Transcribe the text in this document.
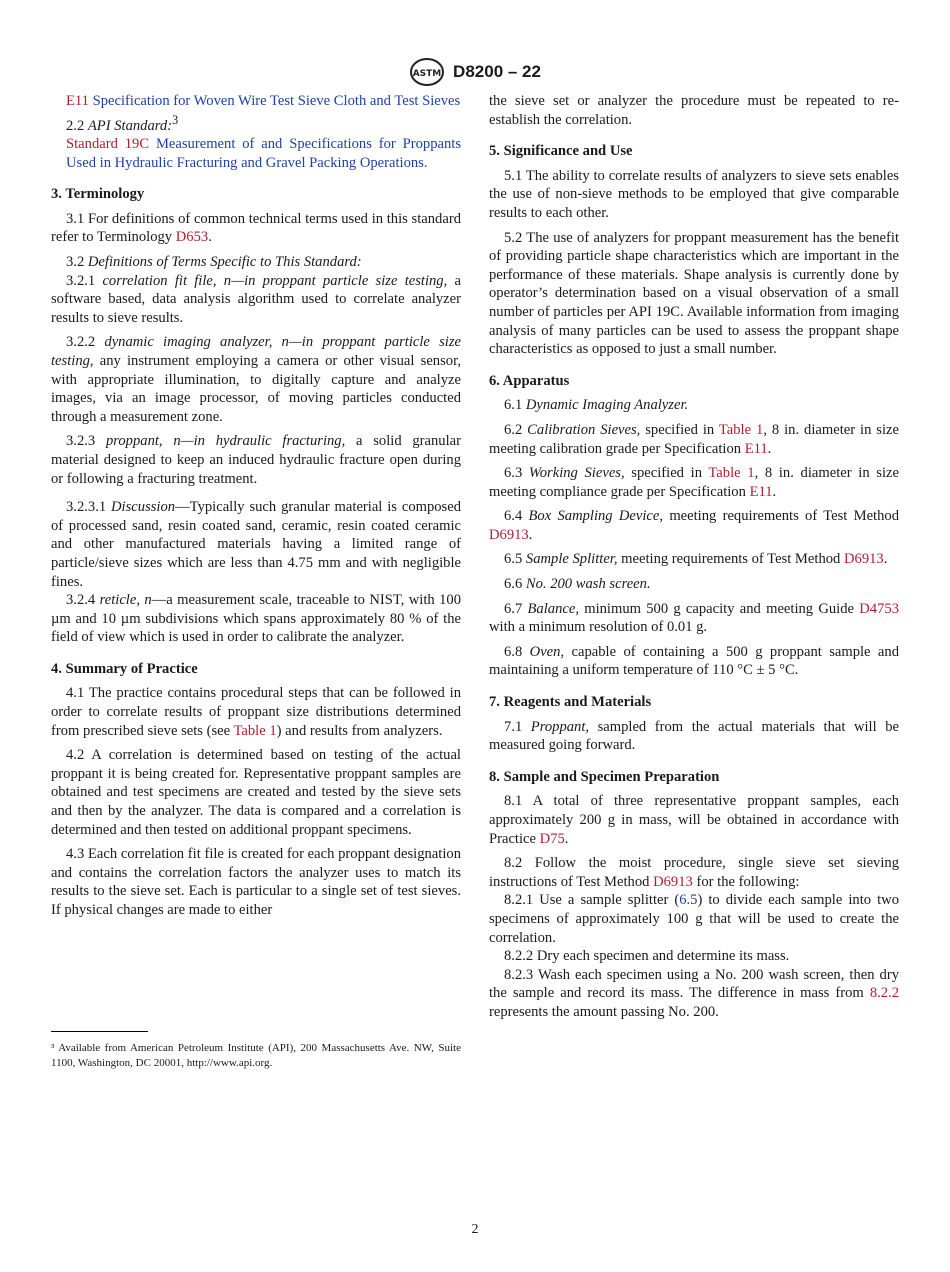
ASTM D8200 – 22

E11 Specification for Woven Wire Test Sieve Cloth and Test Sieves

2.2 API Standard:$^3$

Standard 19C Measurement of and Specifications for Proppants Used in Hydraulic Fracturing and Gravel Packing Operations.

3. Terminology

3.1 For definitions of common technical terms used in this standard refer to Terminology D653.

3.2 Definitions of Terms Specific to This Standard:

3.2.1 correlation fit file, n—in proppant particle size testing, a software based, data analysis algorithm used to correlate analyzer results to sieve results.

3.2.2 dynamic imaging analyzer, n—in proppant particle size testing, any instrument employing a camera or other visual sensor, with appropriate illumination, to digitally capture and analyze images, via an image processor, of moving particles conducted through a measurement zone.

3.2.3 proppant, n—in hydraulic fracturing, a solid granular material designed to keep an induced hydraulic fracture open during or following a fracturing treatment.

3.2.3.1 Discussion—Typically such granular material is composed of processed sand, resin coated sand, ceramic, resin coated ceramic and other manufactured materials having a limited range of particle/sieve sizes which are less than 4.75 mm and with negligible fines.

3.2.4 reticle, n—a measurement scale, traceable to NIST, with 100 µm and 10 µm subdivisions which spans approximately 80 % of the field of view which is used in order to calibrate the analyzer.

4. Summary of Practice

4.1 The practice contains procedural steps that can be followed in order to correlate results of proppant size distributions determined from prescribed sieve sets (see Table 1) and results from analyzers.

4.2 A correlation is determined based on testing of the actual proppant it is being created for. Representative proppant samples are obtained and test specimens are created and tested by the sieve sets and then by the analyzer. The data is compared and a correlation is determined and then tested on additional proppant specimens.

4.3 Each correlation fit file is created for each proppant designation and contains the correlation factors the analyzer uses to match its results to the sieve set. Each is particular to a single set of test sieves. If physical changes are made to either

³ Available from American Petroleum Institute (API), 200 Massachusetts Ave. NW, Suite 1100, Washington, DC 20001, http://www.api.org.

the sieve set or analyzer the procedure must be repeated to re-establish the correlation.

5. Significance and Use

5.1 The ability to correlate results of analyzers to sieve sets enables the use of non-sieve methods to be employed that give comparable results to each other.

5.2 The use of analyzers for proppant measurement has the benefit of providing particle shape characteristics which are important in the performance of these materials. Shape analysis is currently done by operator’s determination based on a visual observation of a small number of particles per API 19C. Available information from imaging analysis of many particles can be used to assess the proppant shape characteristics as opposed to just a small number.

6. Apparatus

6.1 Dynamic Imaging Analyzer.

6.2 Calibration Sieves, specified in Table 1, 8 in. diameter in size meeting calibration grade per Specification E11.

6.3 Working Sieves, specified in Table 1, 8 in. diameter in size meeting compliance grade per Specification E11.

6.4 Box Sampling Device, meeting requirements of Test Method D6913.

6.5 Sample Splitter, meeting requirements of Test Method D6913.

6.6 No. 200 wash screen.

6.7 Balance, minimum 500 g capacity and meeting Guide D4753 with a minimum resolution of 0.01 g.

6.8 Oven, capable of containing a 500 g proppant sample and maintaining a uniform temperature of 110 °C ± 5 °C.

7. Reagents and Materials

7.1 Proppant, sampled from the actual materials that will be measured going forward.

8. Sample and Specimen Preparation

8.1 A total of three representative proppant samples, each approximately 200 g in mass, will be obtained in accordance with Practice D75.

8.2 Follow the moist procedure, single sieve set sieving instructions of Test Method D6913 for the following:

8.2.1 Use a sample splitter (6.5) to divide each sample into two specimens of approximately 100 g that will be used to create the correlation.

8.2.2 Dry each specimen and determine its mass.

8.2.3 Wash each specimen using a No. 200 wash screen, then dry the sample and record its mass. The difference in mass from 8.2.2 represents the amount passing No. 200.

2
